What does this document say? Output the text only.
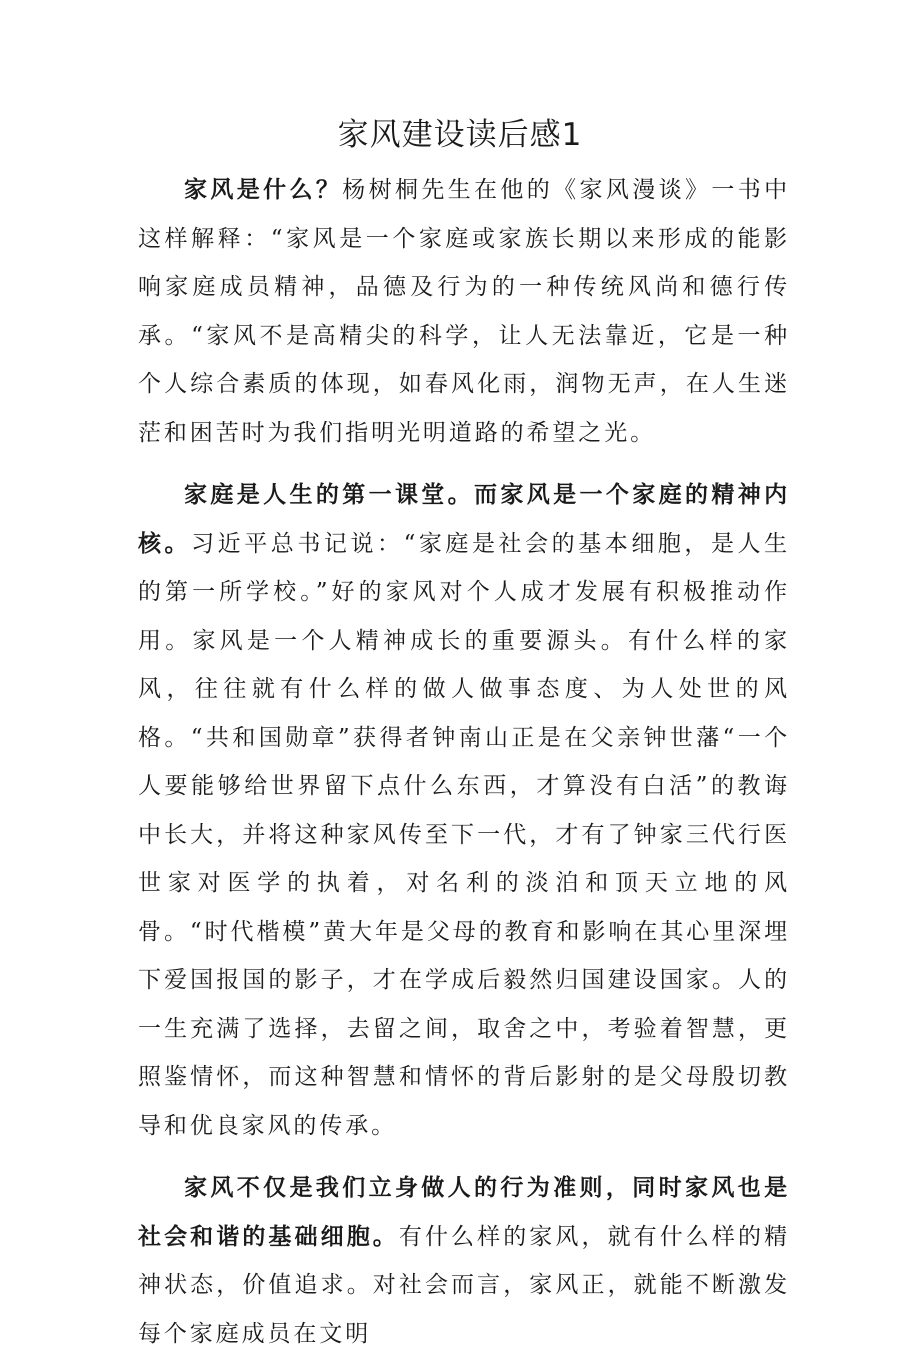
家风建设读后感1

家风是什么？杨树桐先生在他的《家风漫谈》一书中这样解释：“家风是一个家庭或家族长期以来形成的能影响家庭成员精神，品德及行为的一种传统风尚和德行传承。“家风不是高精尖的科学，让人无法靠近，它是一种个人综合素质的体现，如春风化雨，润物无声，在人生迷茫和困苦时为我们指明光明道路的希望之光。

家庭是人生的第一课堂。而家风是一个家庭的精神内核。习近平总书记说：“家庭是社会的基本细胞，是人生的第一所学校。”好的家风对个人成才发展有积极推动作用。家风是一个人精神成长的重要源头。有什么样的家风，往往就有什么样的做人做事态度、为人处世的风格。“共和国勋章”获得者钟南山正是在父亲钟世藩“一个人要能够给世界留下点什么东西，才算没有白活”的教诲中长大，并将这种家风传至下一代，才有了钟家三代行医世家对医学的执着，对名利的淡泊和顶天立地的风骨。“时代楷模”黄大年是父母的教育和影响在其心里深埋下爱国报国的影子，才在学成后毅然归国建设国家。人的一生充满了选择，去留之间，取舍之中，考验着智慧，更照鉴情怀，而这种智慧和情怀的背后影射的是父母殷切教导和优良家风的传承。

家风不仅是我们立身做人的行为准则，同时家风也是社会和谐的基础细胞。有什么样的家风，就有什么样的精神状态，价值追求。对社会而言，家风正，就能不断激发每个家庭成员在文明
